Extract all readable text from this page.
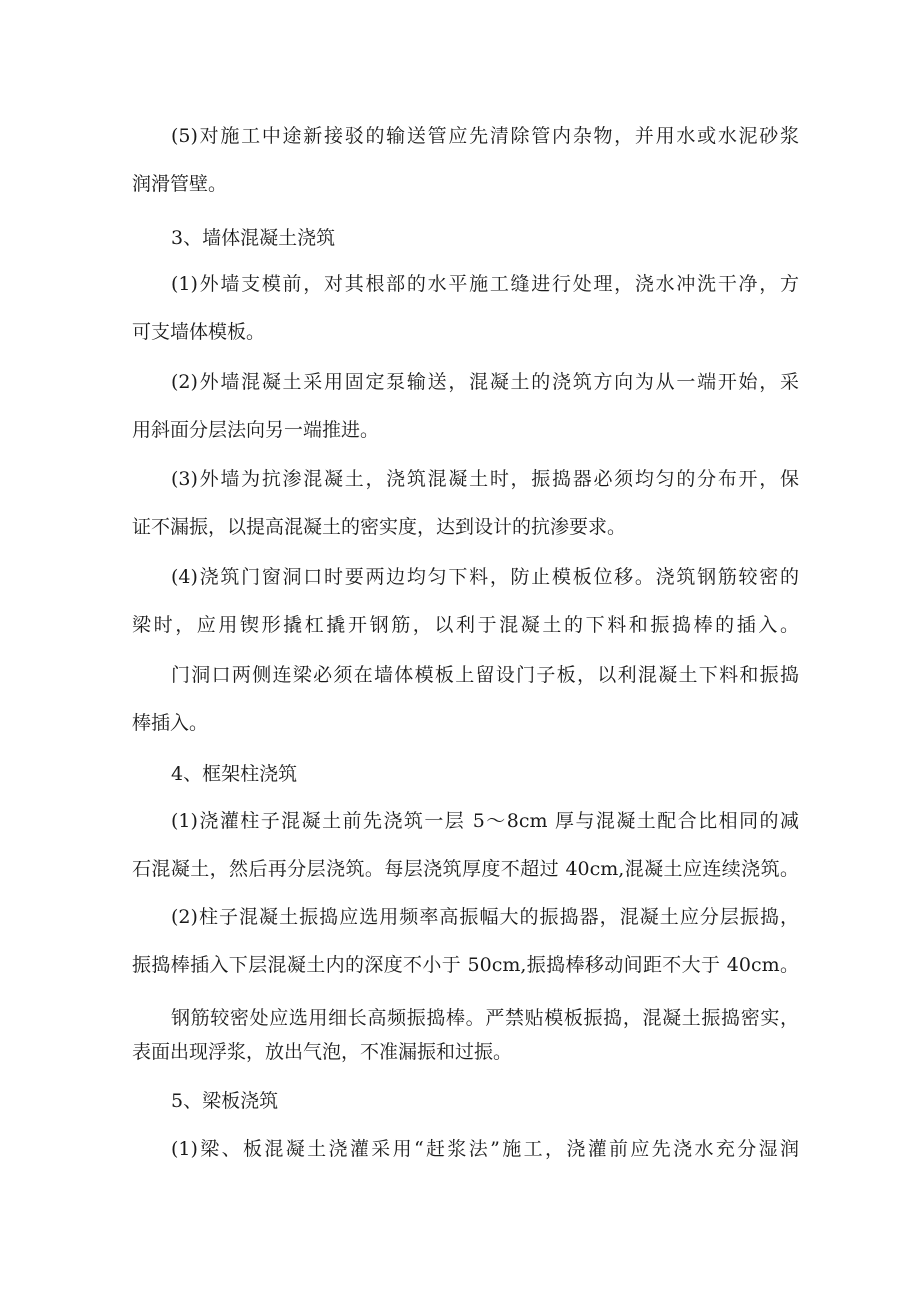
(5)对施工中途新接驳的输送管应先清除管内杂物，并用水或水泥砂浆
润滑管壁。
3、墙体混凝土浇筑
(1)外墙支模前，对其根部的水平施工缝进行处理，浇水冲洗干净，方
可支墙体模板。
(2)外墙混凝土采用固定泵输送，混凝土的浇筑方向为从一端开始，采
用斜面分层法向另一端推进。
(3)外墙为抗渗混凝土，浇筑混凝土时，振捣器必须均匀的分布开，保
证不漏振，以提高混凝土的密实度，达到设计的抗渗要求。
(4)浇筑门窗洞口时要两边均匀下料，防止模板位移。浇筑钢筋较密的
梁时，应用锲形撬杠撬开钢筋，以利于混凝土的下料和振捣棒的插入。
门洞口两侧连梁必须在墙体模板上留设门子板，以利混凝土下料和振捣
棒插入。
4、框架柱浇筑
(1)浇灌柱子混凝土前先浇筑一层 5～8cm 厚与混凝土配合比相同的减
石混凝土，然后再分层浇筑。每层浇筑厚度不超过 40cm,混凝土应连续浇筑。
(2)柱子混凝土振捣应选用频率高振幅大的振捣器，混凝土应分层振捣，
振捣棒插入下层混凝土内的深度不小于 50cm,振捣棒移动间距不大于 40cm。
钢筋较密处应选用细长高频振捣棒。严禁贴模板振捣，混凝土振捣密实，
表面出现浮浆，放出气泡，不准漏振和过振。
5、梁板浇筑
(1)梁、板混凝土浇灌采用“赶浆法”施工，浇灌前应先浇水充分湿润
